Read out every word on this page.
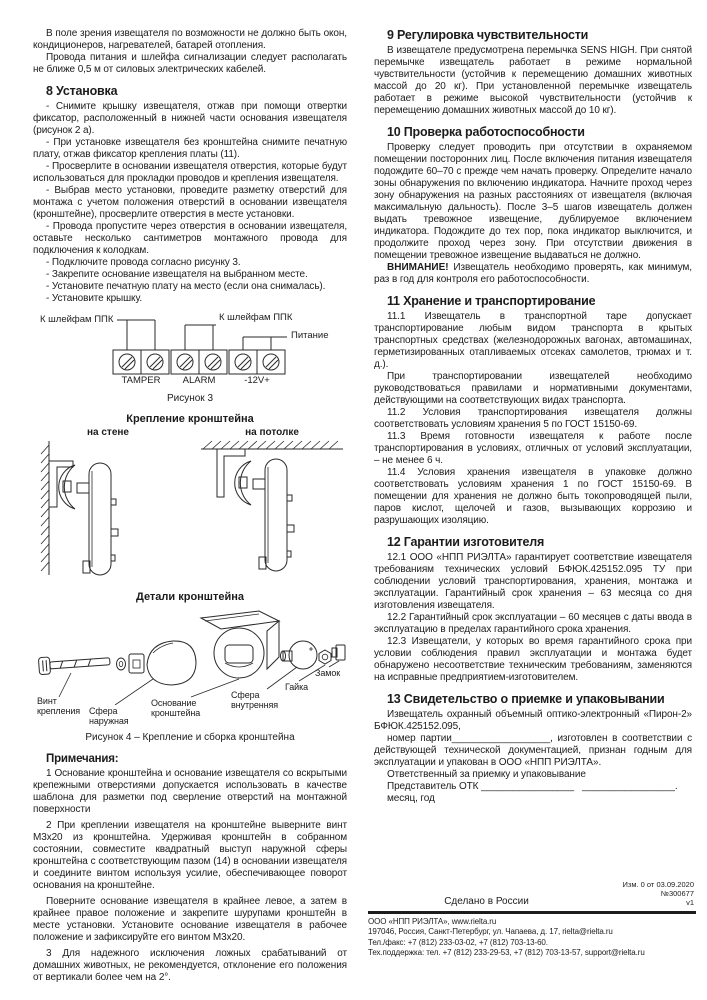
В поле зрения извещателя по возможности не должно быть окон, кондиционеров, нагревателей, батарей отопления.

Провода питания и шлейфа сигнализации следует располагать не ближе 0,5 м от силовых электрических кабелей.

8 Установка

- Снимите крышку извещателя, отжав при помощи отвертки фиксатор, расположенный в нижней части основания извещателя (рисунок 2 а).

- При установке извещателя без кронштейна снимите печатную плату, отжав фиксатор крепления платы (11).

- Просверлите в основании извещателя отверстия, которые будут использоваться для прокладки проводов и крепления извещателя.

- Выбрав место установки, проведите разметку отверстий для монтажа с учетом положения отверстий в основании извещателя (кронштейне), просверлите отверстия в месте установки.

- Провода пропустите через отверстия в основании извещателя, оставьте несколько сантиметров монтажного провода для подключения к колодкам.

- Подключите провода согласно рисунку 3.

- Закрепите основание извещателя на выбранном месте.

- Установите печатную плату на место (если она снималась).

- Установите крышку.

К шлейфам ППК	К шлейфам ППК
Питание
TAMPER	ALARM	-12V+
Рисунок 3
Крепление кронштейна
на стене	на потолке
Детали кронштейна
Винт крепления Сфера наружная
Основание кронштейна
Сфера внутренняя
Гайка
Замок
Рисунок 4 – Крепление и сборка кронштейна
Примечания:

1 Основание кронштейна и основание извещателя со вскрытыми крепежными отверстиями допускается использовать в качестве шаблона для разметки под сверление отверстий на монтажной поверхности

2 При креплении извещателя на кронштейне выверните винт М3х20 из кронштейна. Удерживая кронштейн в собранном состоянии, совместите квадратный выступ наружной сферы кронштейна с соответствующим пазом (14) в основании извещателя и соедините винтом используя усилие, обеспечивающее поворот основания на кронштейне.

Поверните основание извещателя в крайнее левое, а затем в крайнее правое положение и закрепите шурупами кронштейн в месте установки. Установите основание извещателя в рабочее положение и зафиксируйте его винтом М3х20.

3 Для надежного исключения ложных срабатываний от домашних животных, не рекомендуется, отклонение его положения от вертикали более чем на 2°.

9 Регулировка чувствительности

В извещателе предусмотрена перемычка SENS HIGH. При снятой перемычке извещатель работает в режиме нормальной чувствительности (устойчив к перемещению домашних животных массой до 20 кг). При установленной перемычке извещатель работает в режиме высокой чувствительности (устойчив к перемещению домашних животных массой до 10 кг).

10 Проверка работоспособности

Проверку следует проводить при отсутствии в охраняемом помещении посторонних лиц. После включения питания извещателя подождите 60–70 с прежде чем начать проверку. Определите начало зоны обнаружения по включению индикатора. Начните проход через зону обнаружения на разных расстояниях от извещателя (включая максимальную дальность). После 3–5 шагов извещатель должен выдать тревожное извещение, дублируемое включением индикатора. Подождите до тех пор, пока индикатор выключится, и продолжите проход через зону. При отсутствии движения в помещении тревожное извещение выдаваться не должно.

ВНИМАНИЕ! Извещатель необходимо проверять, как минимум, раз в год для контроля его работоспособности.

11 Хранение и транспортирование

11.1 Извещатель в транспортной таре допускает транспортирование любым видом транспорта в крытых транспортных средствах (железнодорожных вагонах, автомашинах, герметизированных отапливаемых отсеках самолетов, трюмах и т. д.).

При транспортировании извещателей необходимо руководствоваться правилами и нормативными документами, действующими на соответствующих видах транспорта.

11.2 Условия транспортирования извещателя должны соответствовать условиям хранения 5 по ГОСТ 15150-69.

11.3 Время готовности извещателя к работе после транспортирования в условиях, отличных от условий эксплуатации, – не менее 6 ч.

11.4 Условия хранения извещателя в упаковке должно соответствовать условиям хранения 1 по ГОСТ 15150-69. В помещении для хранения не должно быть токопроводящей пыли, паров кислот, щелочей и газов, вызывающих коррозию и разрушающих изоляцию.

12 Гарантии изготовителя

12.1 ООО «НПП РИЭЛТА» гарантирует соответствие извещателя требованиям технических условий БФЮК.425152.095 ТУ при соблюдении условий транспортирования, хранения, монтажа и эксплуатации. Гарантийный срок хранения – 63 месяца со дня изготовления извещателя.

12.2 Гарантийный срок эксплуатации – 60 месяцев с даты ввода в эксплуатацию в пределах гарантийного срока хранения.

12.3 Извещатели, у которых во время гарантийного срока при условии соблюдения правил эксплуатации и монтажа будет обнаружено несоответствие техническим требованиям, заменяются на исправные предприятием-изготовителем.

13 Свидетельство о приемке и упаковывании

Извещатель охранный объемный оптико-электронный «Пирон-2» БФЮК.425152.095,

номер партии__________________, изготовлен в соответствии с действующей технической документацией, признан годным для эксплуатации и упакован в ООО «НПП РИЭЛТА».

Ответственный за приемку и упаковывание

Представитель ОТК _________________ _________________.

месяц, год

Изм. 0 от 03.09.2020
№300677
v1
Сделано в России
ООО «НПП РИЭЛТА», www.rielta.ru
197046, Россия, Санкт-Петербург, ул. Чапаева, д. 17, rielta@rielta.ru
Тел./факс: +7 (812) 233-03-02, +7 (812) 703-13-60.
Тех.поддержка: тел. +7 (812) 233-29-53, +7 (812) 703-13-57, support@rielta.ru
